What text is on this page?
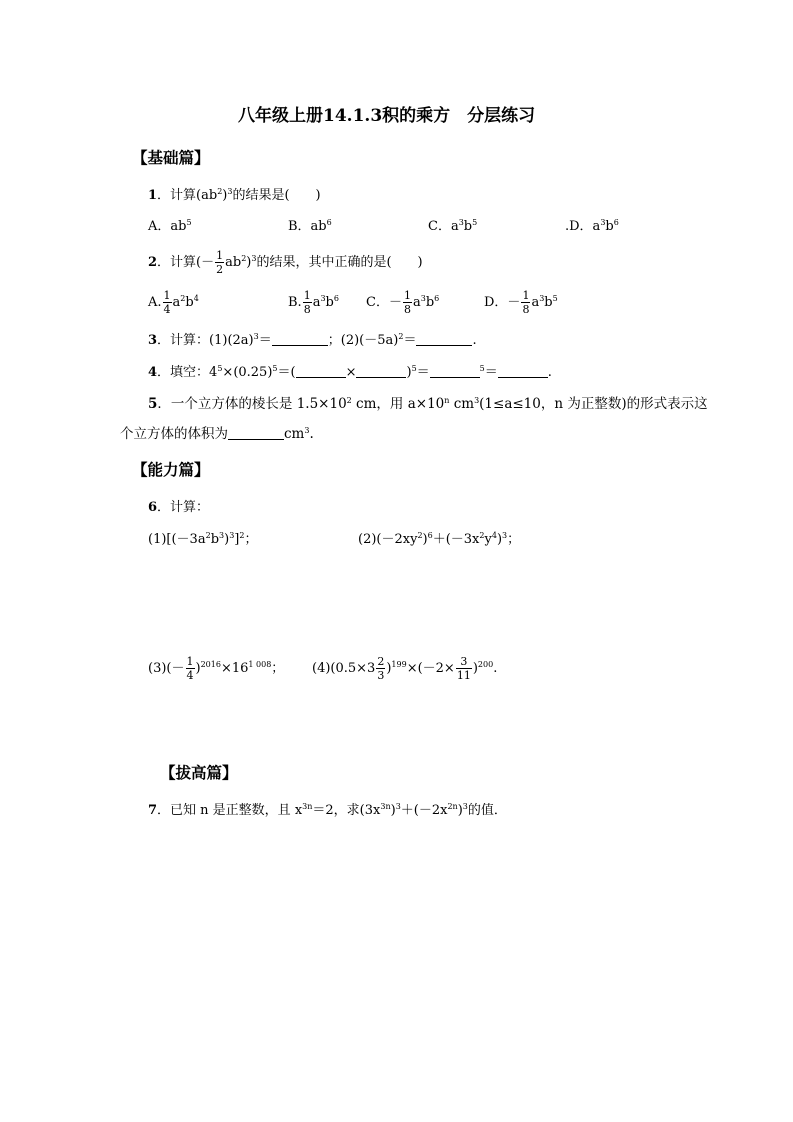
八年级上册14.1.3积的乘方　分层练习
【基础篇】
1．计算$(ab^2)^3$的结果是(　　)
A．$ab^5$	B．$ab^6$	C．$a^3b^5$	.D．$a^3b^6$
2．计算(－ $\frac{1}{2} ab^2)^3$的结果，其中正确的是(　　)
A. $\frac{1}{4} a^2b^4$	B. $\frac{1}{8} a^3b^6$ C．－ $\frac{1}{8} a^3b^6$	D．－ $\frac{1}{8} a^3b^5$
3．计算：$(1)(2a)^3=$	；$(2)(-5a)^2=$	.
4．填空：$4^5\times(0.25)^5=$(	×	)$^5$＝	$^5$＝	.
5．一个立方体的棱长是 $1.5\times 10^2$ cm，用 $a\times 10^n$ $cm^3(1\le a\le 10$，n 为正整数)的形式表示这
个立方体的体积为	$cm^3$.
【能力篇】
6．计算：
$(1)[(-3a^2b^3)^3]^2$；	$(2)(-2xy^2)^6+(-3x^2y^4)^3$；
$(3)(- \frac{1}{4} )^{2016}\times 16^{1 008}$； $(4)(0.5\times 3 \frac{2}{3} )^{199}\times(-2\times \frac{3}{11} )^{200}$.
【拔高篇】
7．已知 n 是正整数，且 $x^{3n}=2$，求$(3x^{3n})^3+(-2x^{2n})^3$的值．
